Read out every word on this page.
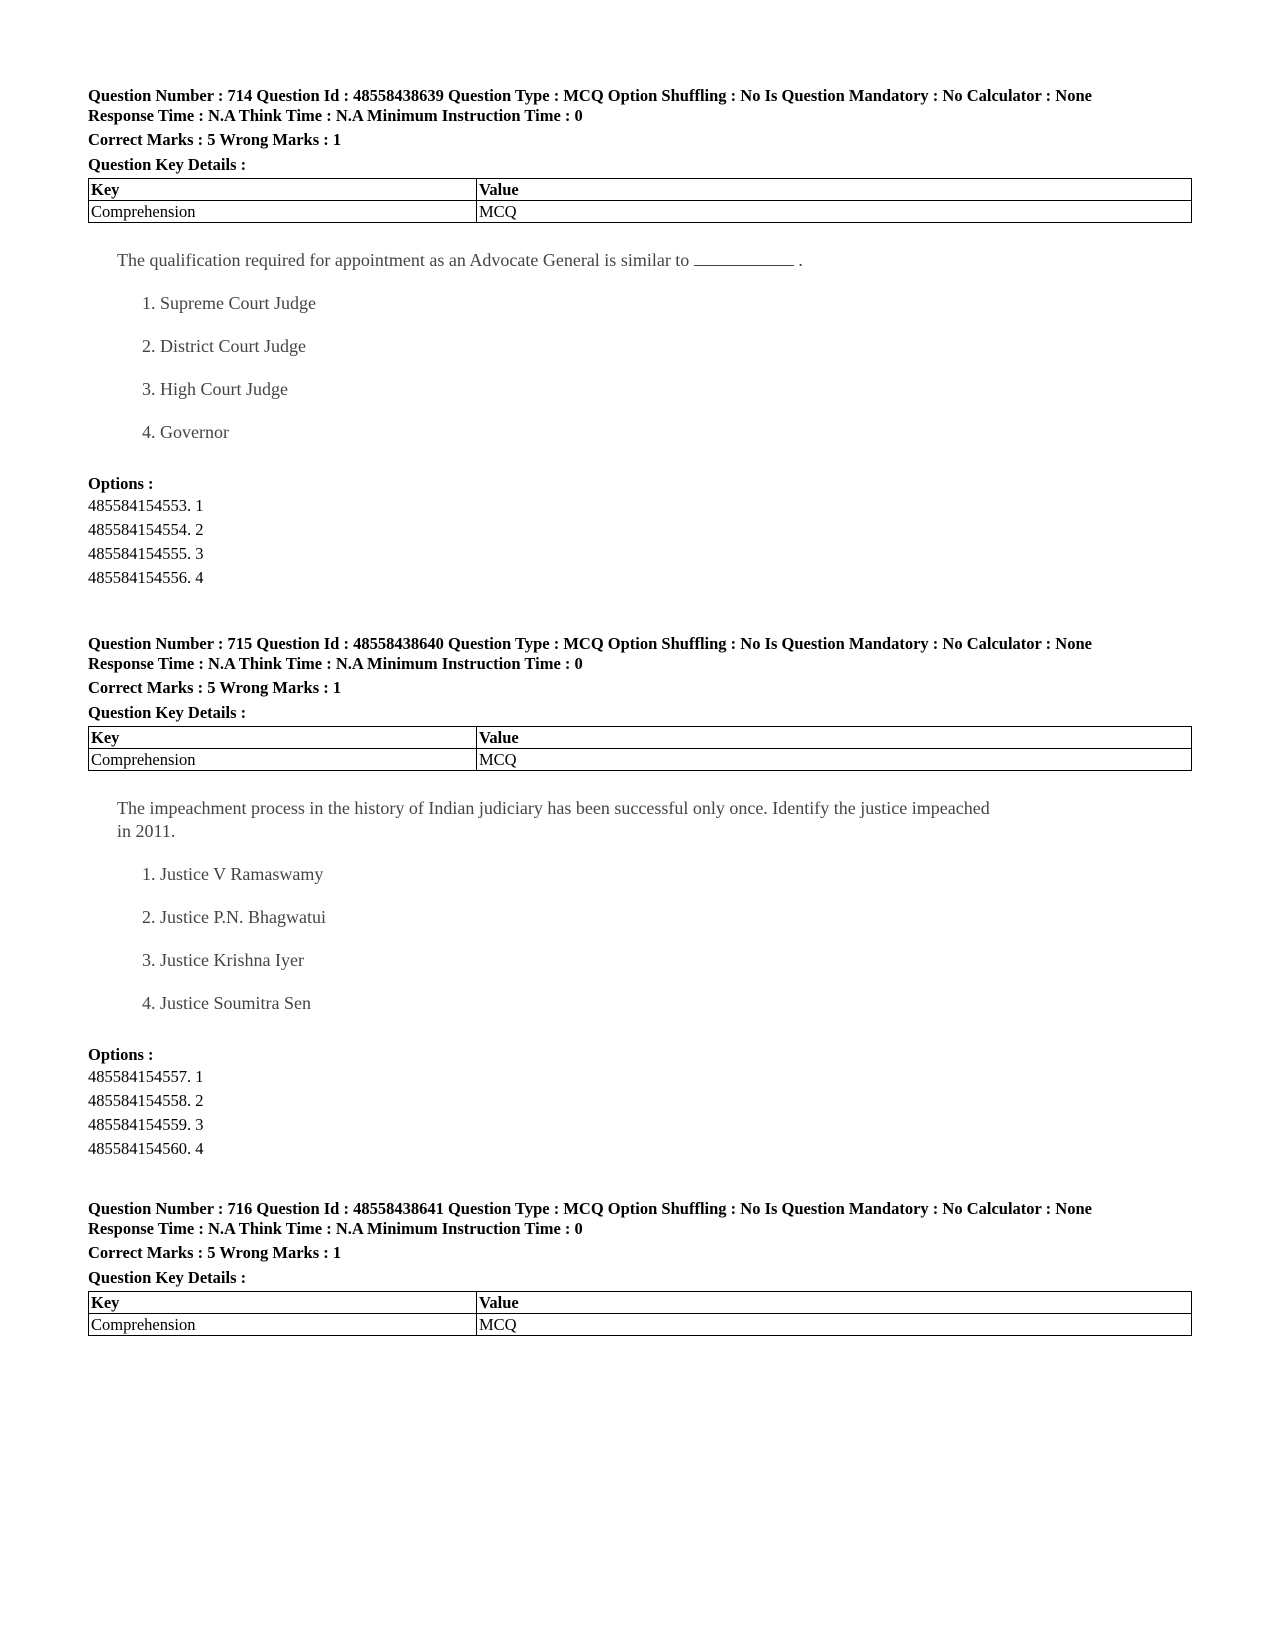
Question Number : 714 Question Id : 48558438639 Question Type : MCQ Option Shuffling : No Is Question Mandatory : No Calculator : None
Response Time : N.A Think Time : N.A Minimum Instruction Time : 0
Correct Marks : 5 Wrong Marks : 1
Question Key Details :
Key	Value
Comprehension	MCQ
The qualification required for appointment as an Advocate General is similar to	.
1. Supreme Court Judge
2. District Court Judge
3. High Court Judge
4. Governor
Options :
485584154553. 1
485584154554. 2
485584154555. 3
485584154556. 4
Question Number : 715 Question Id : 48558438640 Question Type : MCQ Option Shuffling : No Is Question Mandatory : No Calculator : None
Response Time : N.A Think Time : N.A Minimum Instruction Time : 0
Correct Marks : 5 Wrong Marks : 1
Question Key Details :
Key	Value
Comprehension	MCQ
The impeachment process in the history of Indian judiciary has been successful only once. Identify the justice impeached in 2011.
1. Justice V Ramaswamy
2. Justice P.N. Bhagwatui
3. Justice Krishna Iyer
4. Justice Soumitra Sen
Options :
485584154557. 1
485584154558. 2
485584154559. 3
485584154560. 4
Question Number : 716 Question Id : 48558438641 Question Type : MCQ Option Shuffling : No Is Question Mandatory : No Calculator : None
Response Time : N.A Think Time : N.A Minimum Instruction Time : 0
Correct Marks : 5 Wrong Marks : 1
Question Key Details :
Key	Value
Comprehension	MCQ
